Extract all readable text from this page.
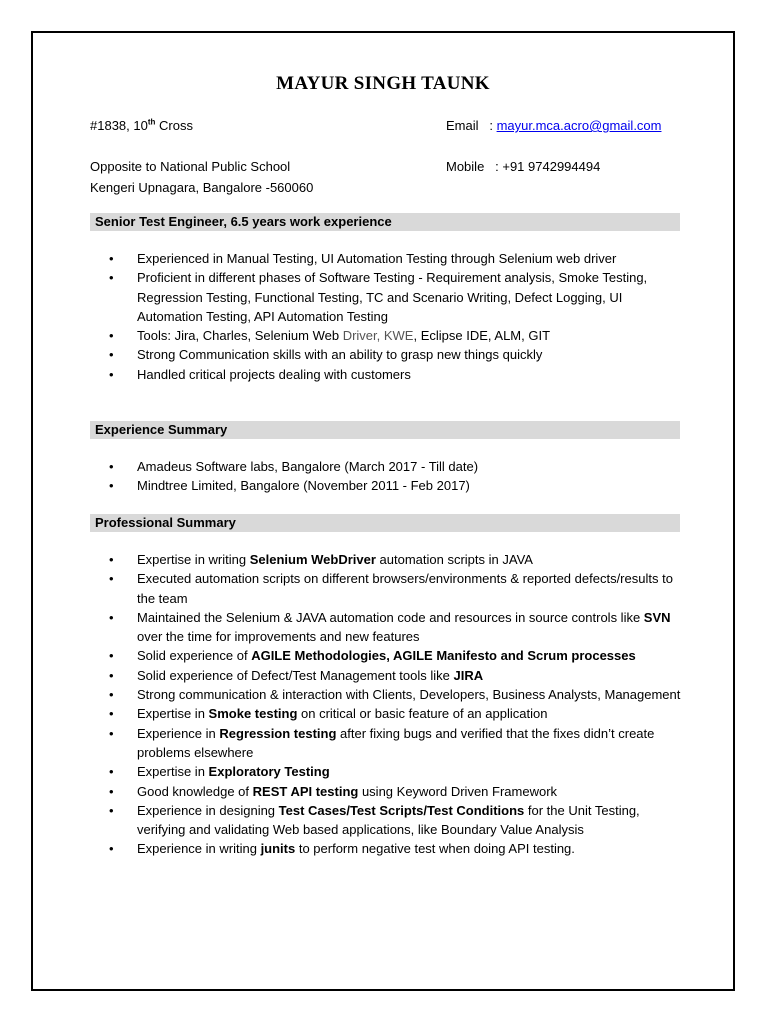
MAYUR SINGH TAUNK
#1838, 10th Cross	Email   : mayur.mca.acro@gmail.com
Opposite to National Public School	Mobile   : +91 9742994494
Kengeri Upnagara, Bangalore -560060
Senior Test Engineer, 6.5 years work experience
• Experienced in Manual Testing, UI Automation Testing through Selenium web driver
• Proficient in different phases of Software Testing - Requirement analysis, Smoke Testing, Regression Testing, Functional Testing, TC and Scenario Writing, Defect Logging, UI Automation Testing, API Automation Testing
• Tools: Jira, Charles, Selenium Web Driver, KWE, Eclipse IDE, ALM, GIT
• Strong Communication skills with an ability to grasp new things quickly
• Handled critical projects dealing with customers
Experience Summary
• Amadeus Software labs, Bangalore (March 2017 - Till date)
• Mindtree Limited, Bangalore (November 2011 - Feb 2017)
Professional Summary
• Expertise in writing Selenium WebDriver automation scripts in JAVA
• Executed automation scripts on different browsers/environments & reported defects/results to the team
• Maintained the Selenium & JAVA automation code and resources in source controls like SVN over the time for improvements and new features
• Solid experience of AGILE Methodologies, AGILE Manifesto and Scrum processes
• Solid experience of Defect/Test Management tools like JIRA
• Strong communication & interaction with Clients, Developers, Business Analysts, Management
• Expertise in Smoke testing on critical or basic feature of an application
• Experience in Regression testing after fixing bugs and verified that the fixes didn’t create problems elsewhere
• Expertise in Exploratory Testing
• Good knowledge of REST API testing using Keyword Driven Framework
• Experience in designing Test Cases/Test Scripts/Test Conditions for the Unit Testing, verifying and validating Web based applications, like Boundary Value Analysis
• Experience in writing junits to perform negative test when doing API testing.
